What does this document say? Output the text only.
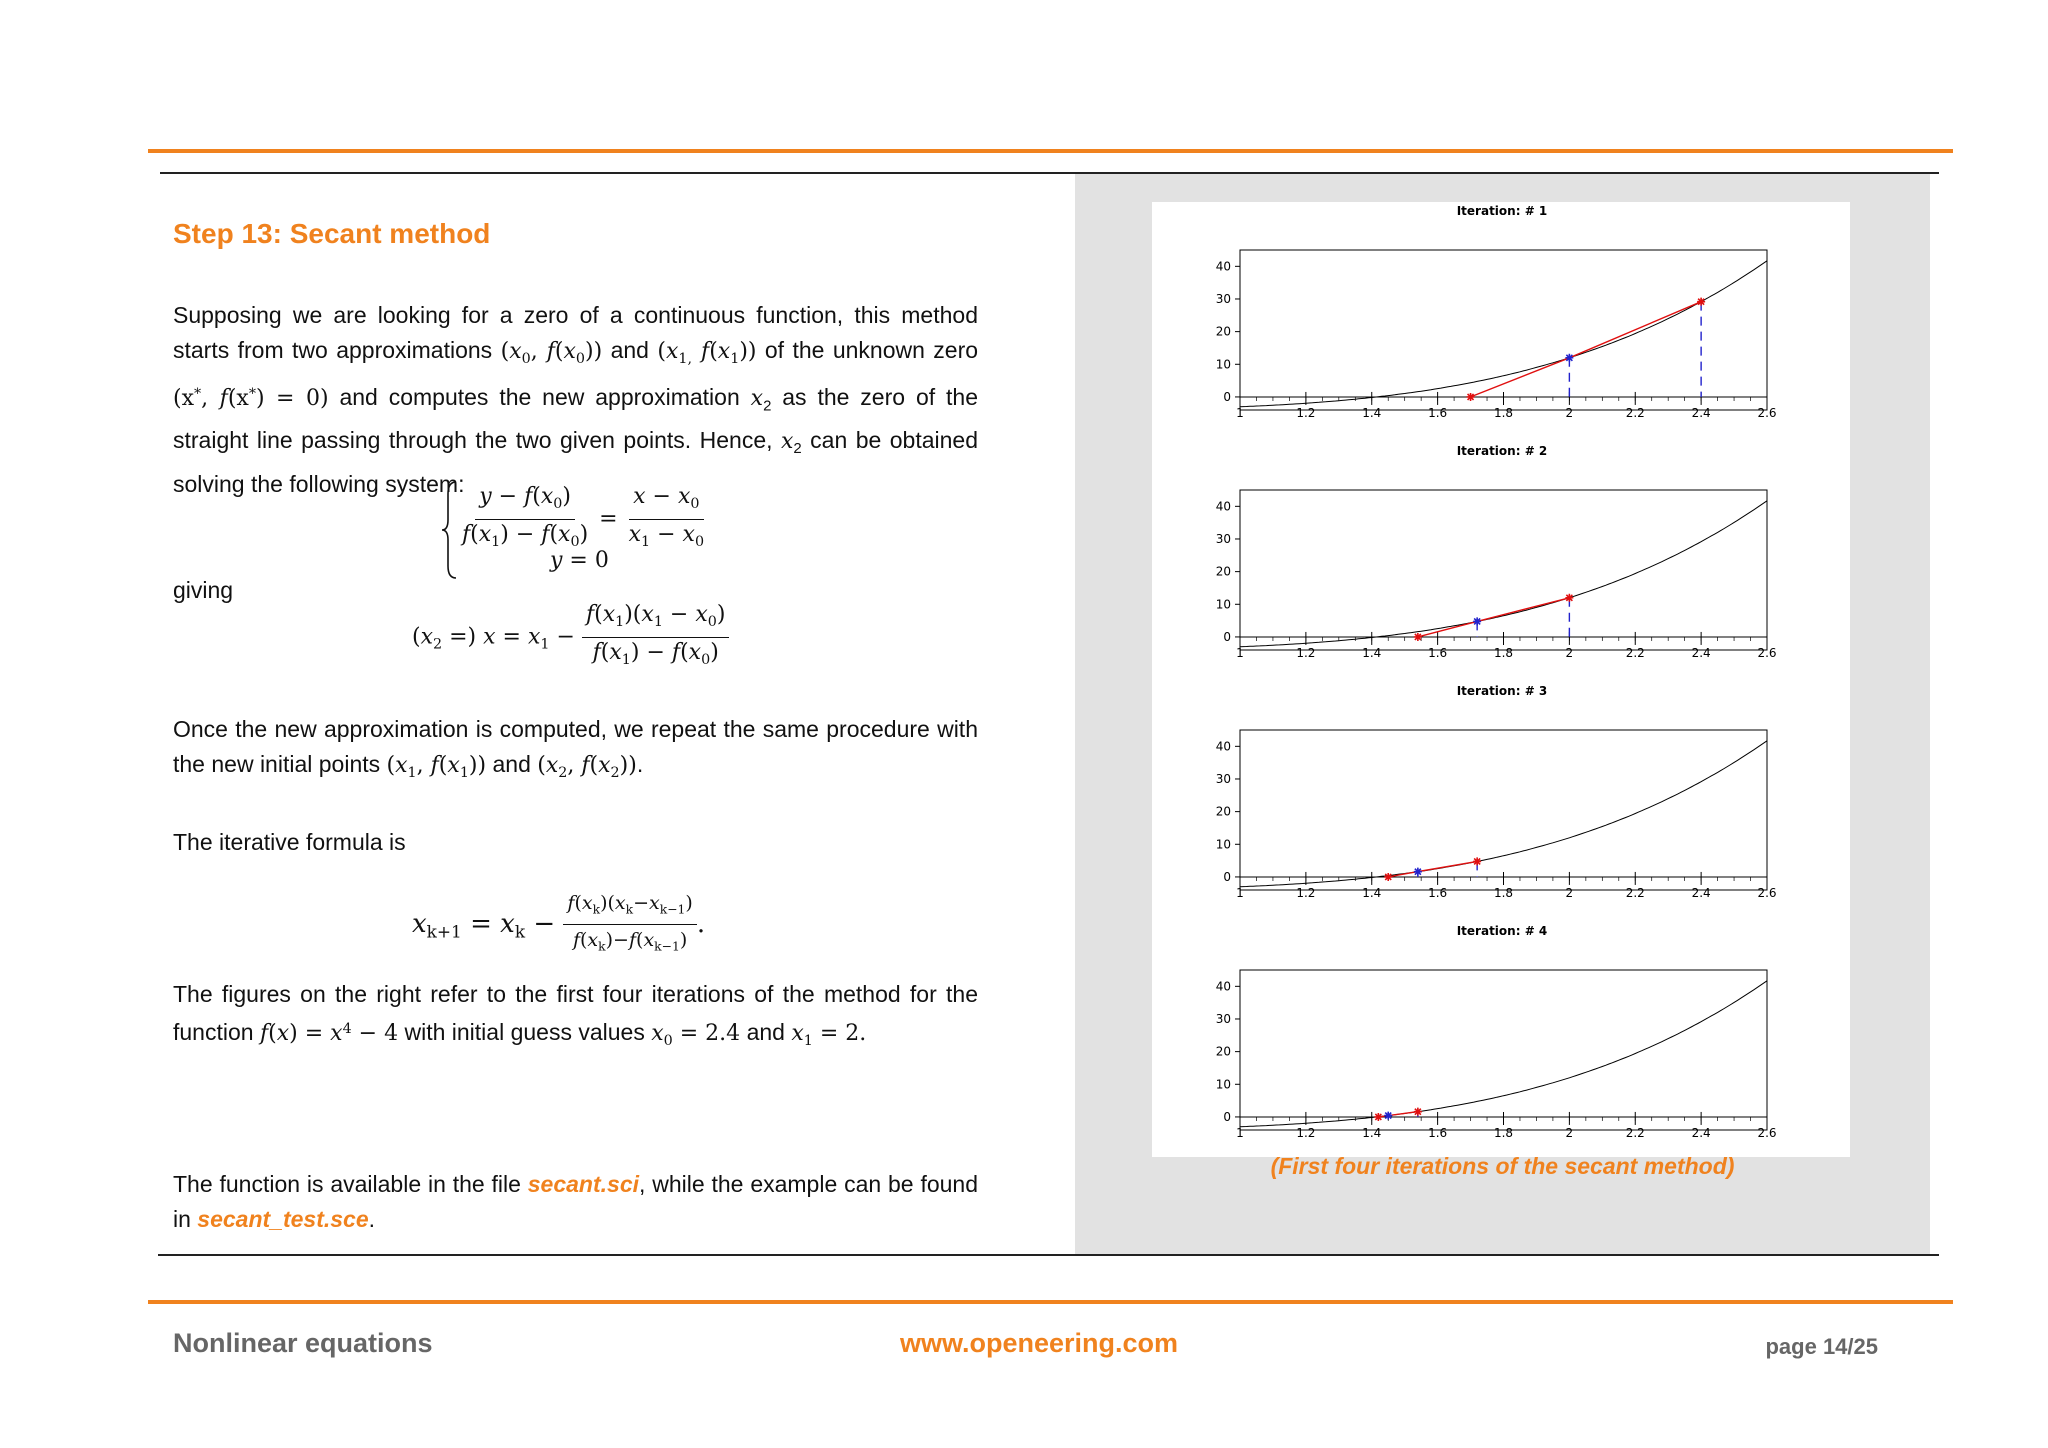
Step 13: Secant method
Supposing we are looking for a zero of a continuous function, this method starts from two approximations ($x_0$, $f(x_0)$) and ($x_{1,}$ $f(x_1)$) of the unknown zero (x*, f(x*) = 0) and computes the new approximation $x_2$ as the zero of the straight line passing through the two given points. Hence, $x_2$ can be obtained solving the following system:
$\frac{y - f(x_0)}{f(x_1) - f(x_0)} = \frac{x - x_0}{x_1 - x_0}$
y = 0
giving
($x_2$ =) $x = x_1 - \frac{f(x_1)(x_1 - x_0)}{f(x_1) - f(x_0)}$
Once the new approximation is computed, we repeat the same procedure with the new initial points ($x_1$, $f(x_1)$) and ($x_2$, $f(x_2)$).
The iterative formula is
$x_{k+1} = x_k - \frac{f(x_k)(x_k-x_{k-1})}{f(x_k)-f(x_{k-1})}$ .
The figures on the right refer to the first four iterations of the method for the function $f(x) = x^4 - 4$ with initial guess values $x_0 = 2.4$ and $x_1 = 2$.
The function is available in the file secant.sci, while the example can be found in secant_test.sce.
Iteration: # 1
0
10
20
30
40
1	1.2	1.4	1.6	1.8	2	2.2	2.4	2.6
Iteration: # 2
0
10
20
30
40
1	1.2	1.4	1.6	1.8	2	2.2	2.4	2.6
Iteration: # 3
0
10
20
30
40
1	1.2	1.4	1.6	1.8	2	2.2	2.4	2.6
Iteration: # 4
0
10
20
30
40
1	1.2	1.4	1.6	1.8	2	2.2	2.4	2.6
(First four iterations of the secant method)
Nonlinear equations	www.openeering.com	page 14/25
